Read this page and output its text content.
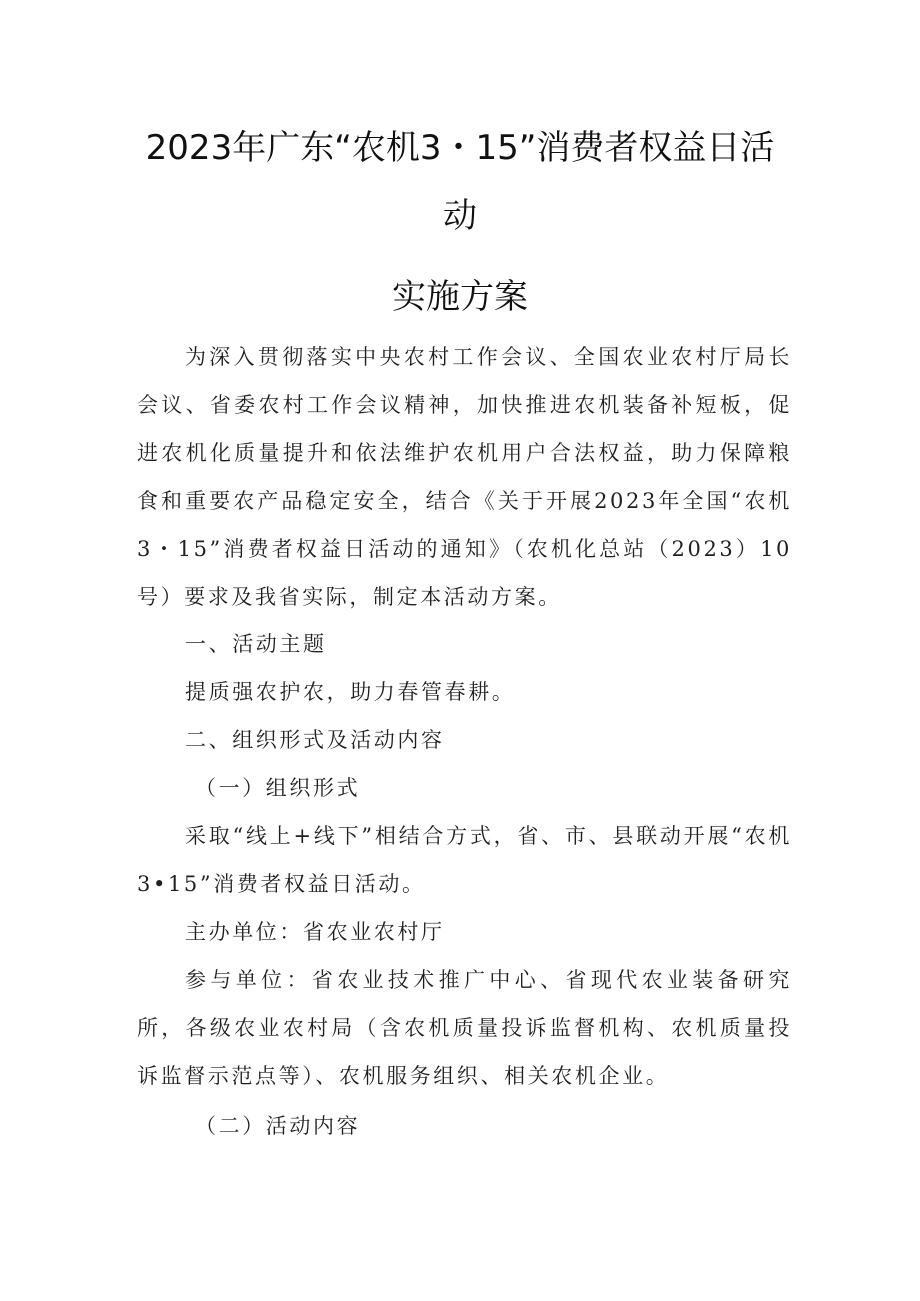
2023年广东“农机3・15”消费者权益日活
动
实施方案
为深入贯彻落实中央农村工作会议、全国农业农村厅局长会议、省委农村工作会议精神，加快推进农机装备补短板，促进农机化质量提升和依法维护农机用户合法权益，助力保障粮食和重要农产品稳定安全，结合《关于开展2023年全国“农机3・15”消费者权益日活动的通知》（农机化总站（2023）10号）要求及我省实际，制定本活动方案。
一、活动主题
提质强农护农，助力春管春耕。
二、组织形式及活动内容
（一）组织形式
采取“线上+线下”相结合方式，省、市、县联动开展“农机3•15”消费者权益日活动。
主办单位：省农业农村厅
参与单位：省农业技术推广中心、省现代农业装备研究所，各级农业农村局（含农机质量投诉监督机构、农机质量投诉监督示范点等）、农机服务组织、相关农机企业。
（二）活动内容
